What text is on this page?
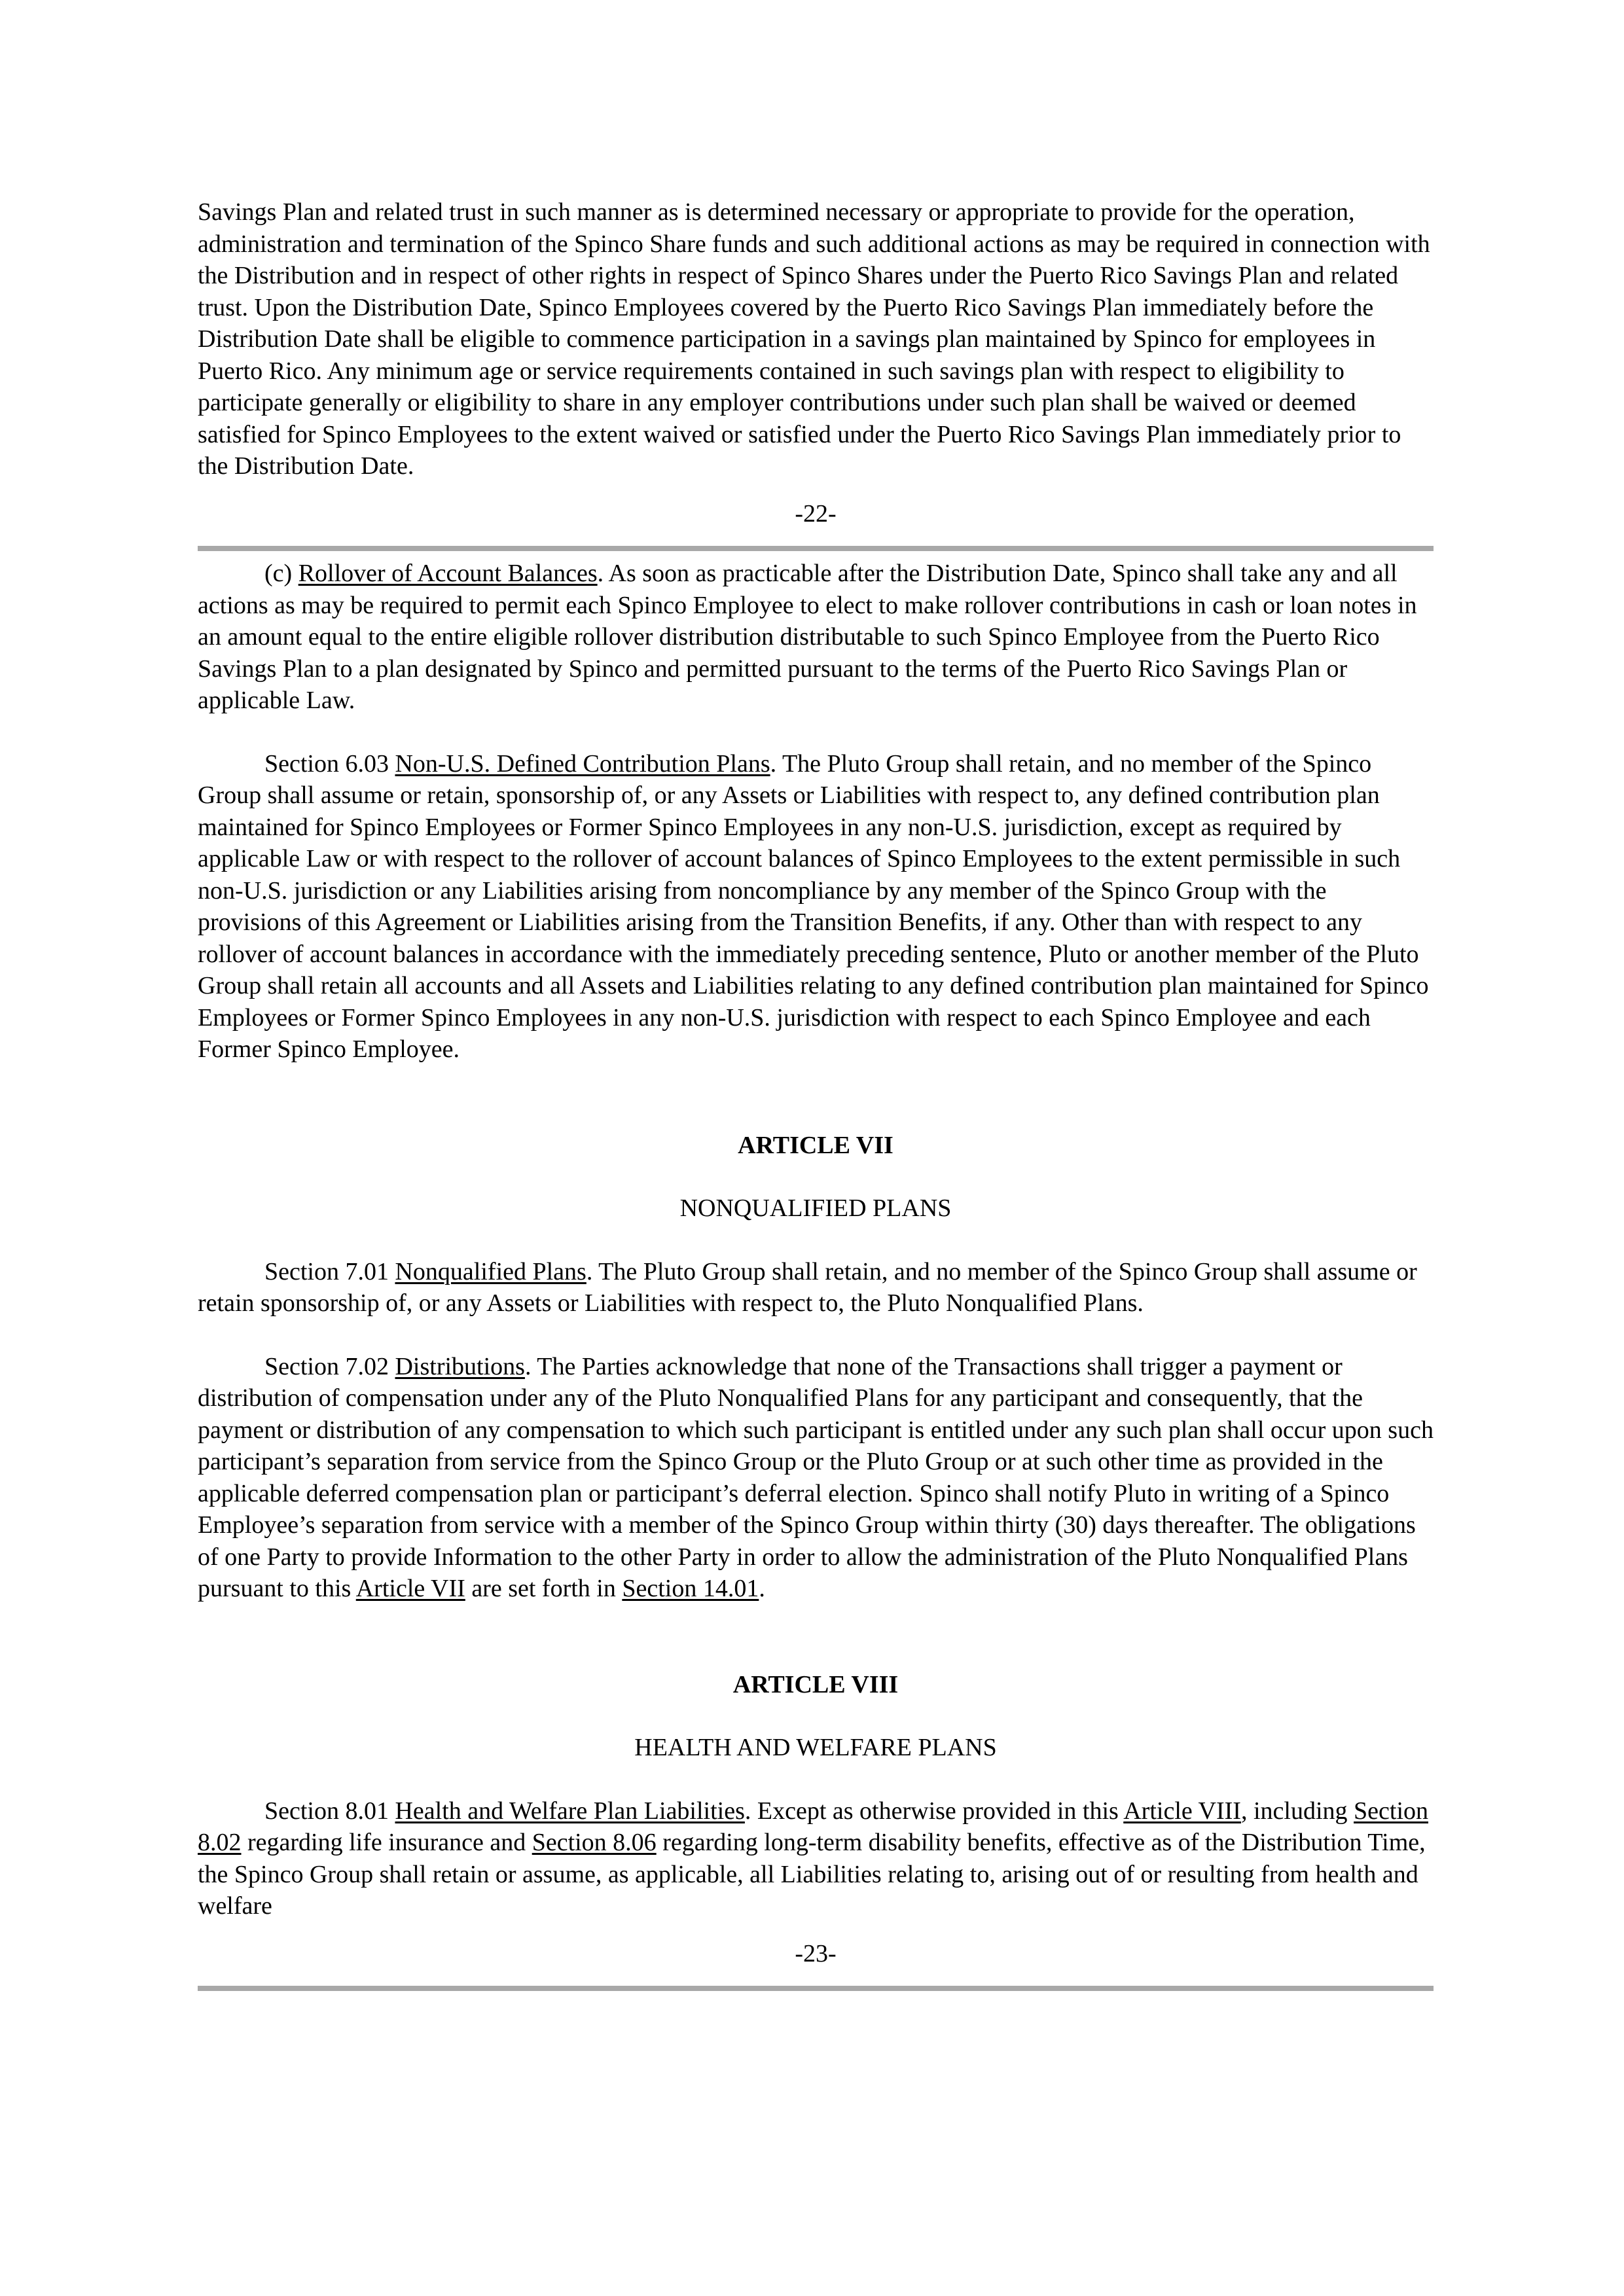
Savings Plan and related trust in such manner as is determined necessary or appropriate to provide for the operation, administration and termination of the Spinco Share funds and such additional actions as may be required in connection with the Distribution and in respect of other rights in respect of Spinco Shares under the Puerto Rico Savings Plan and related trust. Upon the Distribution Date, Spinco Employees covered by the Puerto Rico Savings Plan immediately before the Distribution Date shall be eligible to commence participation in a savings plan maintained by Spinco for employees in Puerto Rico. Any minimum age or service requirements contained in such savings plan with respect to eligibility to participate generally or eligibility to share in any employer contributions under such plan shall be waived or deemed satisfied for Spinco Employees to the extent waived or satisfied under the Puerto Rico Savings Plan immediately prior to the Distribution Date.

-22-

(c) Rollover of Account Balances. As soon as practicable after the Distribution Date, Spinco shall take any and all actions as may be required to permit each Spinco Employee to elect to make rollover contributions in cash or loan notes in an amount equal to the entire eligible rollover distribution distributable to such Spinco Employee from the Puerto Rico Savings Plan to a plan designated by Spinco and permitted pursuant to the terms of the Puerto Rico Savings Plan or applicable Law.

Section 6.03 Non-U.S. Defined Contribution Plans. The Pluto Group shall retain, and no member of the Spinco Group shall assume or retain, sponsorship of, or any Assets or Liabilities with respect to, any defined contribution plan maintained for Spinco Employees or Former Spinco Employees in any non-U.S. jurisdiction, except as required by applicable Law or with respect to the rollover of account balances of Spinco Employees to the extent permissible in such non-U.S. jurisdiction or any Liabilities arising from noncompliance by any member of the Spinco Group with the provisions of this Agreement or Liabilities arising from the Transition Benefits, if any. Other than with respect to any rollover of account balances in accordance with the immediately preceding sentence, Pluto or another member of the Pluto Group shall retain all accounts and all Assets and Liabilities relating to any defined contribution plan maintained for Spinco Employees or Former Spinco Employees in any non-U.S. jurisdiction with respect to each Spinco Employee and each Former Spinco Employee.

ARTICLE VII

NONQUALIFIED PLANS

Section 7.01 Nonqualified Plans. The Pluto Group shall retain, and no member of the Spinco Group shall assume or retain sponsorship of, or any Assets or Liabilities with respect to, the Pluto Nonqualified Plans.

Section 7.02 Distributions. The Parties acknowledge that none of the Transactions shall trigger a payment or distribution of compensation under any of the Pluto Nonqualified Plans for any participant and consequently, that the payment or distribution of any compensation to which such participant is entitled under any such plan shall occur upon such participant’s separation from service from the Spinco Group or the Pluto Group or at such other time as provided in the applicable deferred compensation plan or participant’s deferral election. Spinco shall notify Pluto in writing of a Spinco Employee’s separation from service with a member of the Spinco Group within thirty (30) days thereafter. The obligations of one Party to provide Information to the other Party in order to allow the administration of the Pluto Nonqualified Plans pursuant to this Article VII are set forth in Section 14.01.

ARTICLE VIII

HEALTH AND WELFARE PLANS

Section 8.01 Health and Welfare Plan Liabilities. Except as otherwise provided in this Article VIII, including Section 8.02 regarding life insurance and Section 8.06 regarding long-term disability benefits, effective as of the Distribution Time, the Spinco Group shall retain or assume, as applicable, all Liabilities relating to, arising out of or resulting from health and welfare

-23-
